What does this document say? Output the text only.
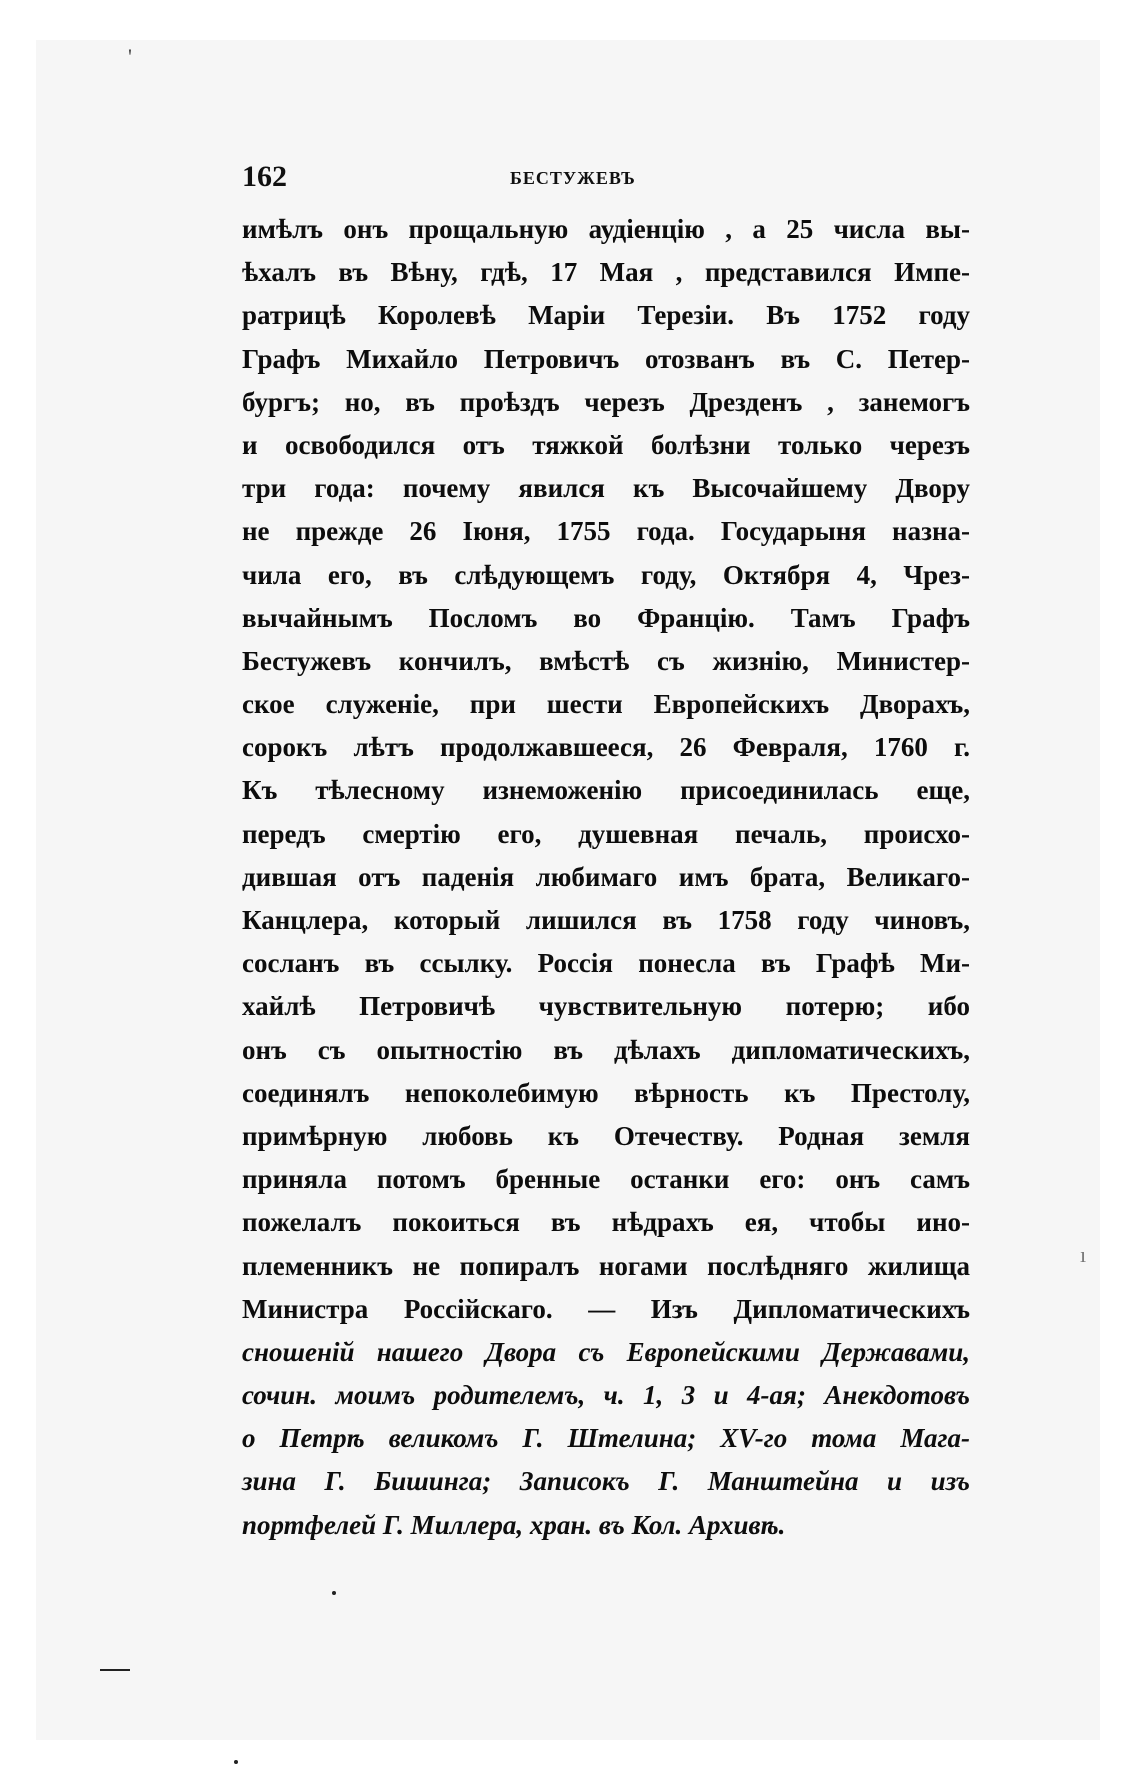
'
ı
162	БЕСТУЖЕВЪ
имѣлъ онъ прощальную аудіенцію , а 25 числа вы-
ѣхалъ въ Вѣну, гдѣ, 17 Мая , представился Импе-
ратрицѣ Королевѣ Маріи Терезіи. Въ 1752 году
Графъ Михайло Петровичъ отозванъ въ С. Петер-
бургъ; но, въ проѣздъ черезъ Дрезденъ , занемогъ
и освободился отъ тяжкой болѣзни только черезъ
три года: почему явился къ Высочайшему Двору
не прежде 26 Іюня, 1755 года. Государыня назна-
чила его, въ слѣдующемъ году, Октября 4, Чрез-
вычайнымъ Посломъ во Францію. Тамъ Графъ
Бестужевъ кончилъ, вмѣстѣ съ жизнію, Министер-
ское служеніе, при шести Европейскихъ Дворахъ,
сорокъ лѣтъ продолжавшееся, 26 Февраля, 1760 г.
Къ тѣлесному изнеможенію присоединилась еще,
передъ смертію его, душевная печаль, происхо-
дившая отъ паденія любимаго имъ брата, Великаго-
Канцлера, который лишился въ 1758 году чиновъ,
сосланъ въ ссылку. Россія понесла въ Графѣ Ми-
хайлѣ Петровичѣ чувствительную потерю; ибо
онъ съ опытностію въ дѣлахъ дипломатическихъ,
соединялъ непоколебимую вѣрность къ Престолу,
примѣрную любовь къ Отечеству. Родная земля
приняла потомъ бренные останки его: онъ самъ
пожелалъ покоиться въ нѣдрахъ ея, чтобы ино-
племенникъ не попиралъ ногами послѣдняго жилища
Министра Россійскаго. — Изъ Дипломатическихъ
сношеній нашего Двора съ Европейскими Державами,
сочин. моимъ родителемъ, ч. 1, 3 и 4-ая; Анекдотовъ
о Петрѣ великомъ Г. Штелина; XV-го тома Мага-
зина Г. Бишинга; Записокъ Г. Манштейна и изъ
портфелей Г. Миллера, хран. въ Кол. Архивѣ.
